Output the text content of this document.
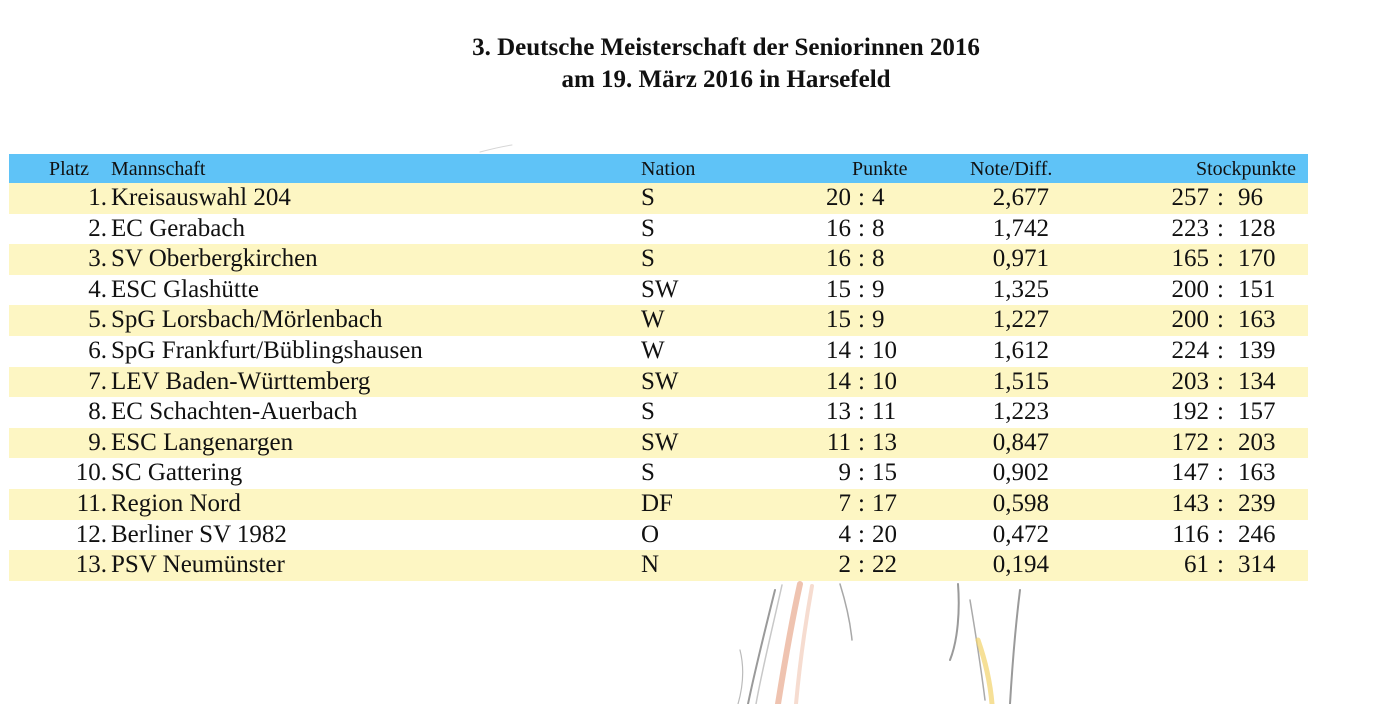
3. Deutsche Meisterschaft der Seniorinnen 2016
am 19. März 2016 in Harsefeld
Platz Mannschaft	Nation	Punkte	Note/Diff.	Stockpunkte
1. Kreisauswahl 204	S	20 : 4	2,677	257 : 96
2. EC Gerabach	S	16 : 8	1,742	223 : 128
3. SV Oberbergkirchen	S	16 : 8	0,971	165 : 170
4. ESC Glashütte	SW	15 : 9	1,325	200 : 151
5. SpG Lorsbach/Mörlenbach	W	15 : 9	1,227	200 : 163
6. SpG Frankfurt/Büblingshausen	W	14 : 10	1,612	224 : 139
7. LEV Baden-Württemberg	SW	14 : 10	1,515	203 : 134
8. EC Schachten-Auerbach	S	13 : 11	1,223	192 : 157
9. ESC Langenargen	SW	11 : 13	0,847	172 : 203
10. SC Gattering	S	9 : 15	0,902	147 : 163
11. Region Nord	DF	7 : 17	0,598	143 : 239
12. Berliner SV 1982	O	4 : 20	0,472	116 : 246
13. PSV Neumünster	N	2 : 22	0,194	61 : 314
